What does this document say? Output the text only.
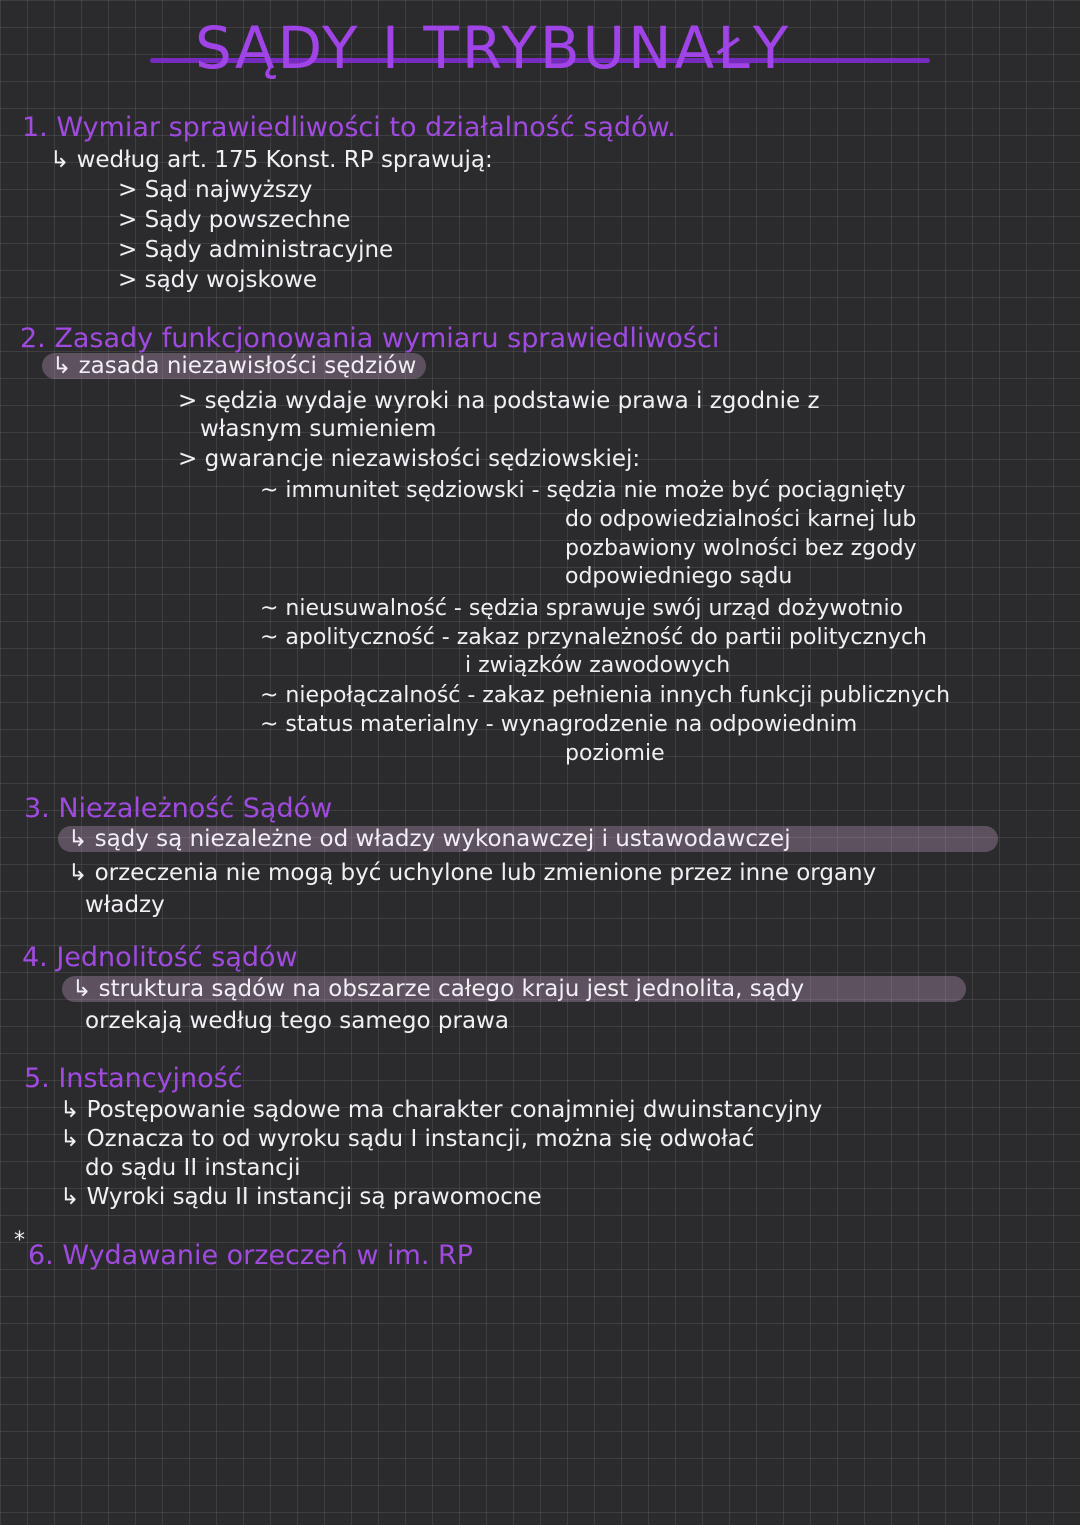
SĄDY I TRYBUNAŁY
1. Wymiar sprawiedliwości to działalność sądów.
↳ według art. 175 Konst. RP sprawują:
> Sąd najwyższy
> Sądy powszechne
> Sądy administracyjne
> sądy wojskowe
2. Zasady funkcjonowania wymiaru sprawiedliwości
↳ zasada niezawisłości sędziów
> sędzia wydaje wyroki na podstawie prawa i zgodnie z
własnym sumieniem
> gwarancje niezawisłości sędziowskiej:
~ immunitet sędziowski - sędzia nie może być pociągnięty
do odpowiedzialności karnej lub
pozbawiony wolności bez zgody
odpowiedniego sądu
~ nieusuwalność - sędzia sprawuje swój urząd dożywotnio
~ apolityczność - zakaz przynależność do partii politycznych
i związków zawodowych
~ niepołączalność - zakaz pełnienia innych funkcji publicznych
~ status materialny - wynagrodzenie na odpowiednim
poziomie
3. Niezależność Sądów
↳ sądy są niezależne od władzy wykonawczej i ustawodawczej
↳ orzeczenia nie mogą być uchylone lub zmienione przez inne organy
władzy
4. Jednolitość sądów
↳ struktura sądów na obszarze całego kraju jest jednolita, sądy
orzekają według tego samego prawa
5. Instancyjność
↳ Postępowanie sądowe ma charakter conajmniej dwuinstancyjny
↳ Oznacza to od wyroku sądu I instancji, można się odwołać
do sądu II instancji
↳ Wyroki sądu II instancji są prawomocne
* 6. Wydawanie orzeczeń w im. RP
